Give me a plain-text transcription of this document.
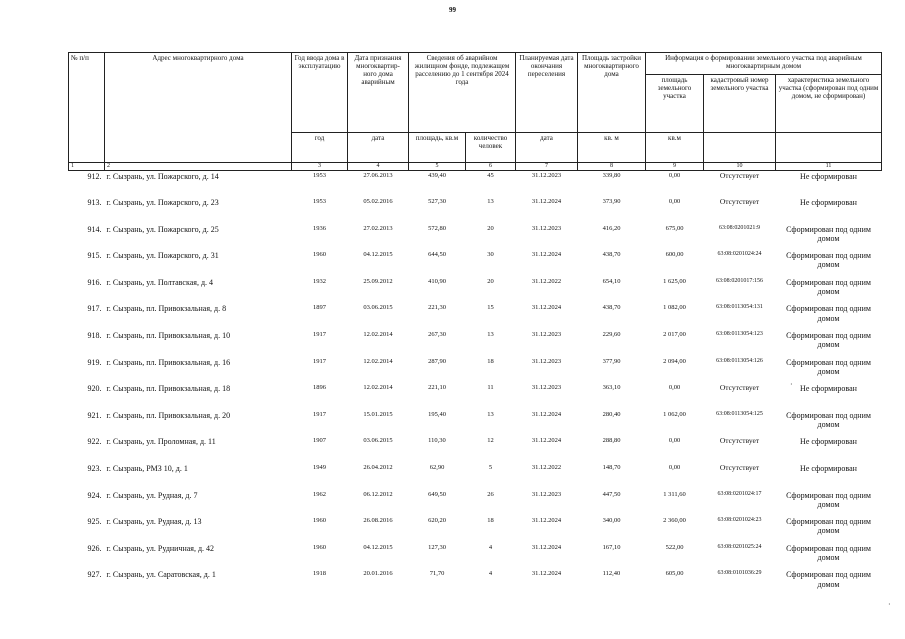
99
№ п/п	Адрес многоквартирного дома	Год ввода дома в эксплуатацию	Дата признания многоквартир-ного дома аварийным	Сведения об аварийном жилищном фонде, подлежащем расселению до 1 сентября 2024 года		Планируемая дата окончания переселения	Площадь застройки многоквартирного дома	Информация о формировании земельного участка под аварийным многоквартирным домом		
								площадь земельного участка	кадастровый номер земельного участка	характеристика земельного участка (сформирован под одним домом, не сформирован)
		год	дата	площадь, кв.м	количество человек	дата	кв. м	кв.м		
1	2	3	4	5	6	7	8	9	10	11
912.	г. Сызрань, ул. Пожарского, д. 14	1953	27.06.2013	439,40	45	31.12.2023	339,80	0,00	Отсутствует	Не сформирован
913.	г. Сызрань, ул. Пожарского, д. 23	1953	05.02.2016	527,30	13	31.12.2024	373,90	0,00	Отсутствует	Не сформирован
914.	г. Сызрань, ул. Пожарского, д. 25	1936	27.02.2013	572,80	20	31.12.2023	416,20	675,00	63:08:0201021:9	Сформирован под одним домом
915.	г. Сызрань, ул. Пожарского, д. 31	1960	04.12.2015	644,50	30	31.12.2024	438,70	600,00	63:08:0201024:24	Сформирован под одним домом
916.	г. Сызрань, ул. Полтавская, д. 4	1932	25.09.2012	410,90	20	31.12.2022	654,10	1 625,00	63:08:0201017:156	Сформирован под одним домом
917.	г. Сызрань, пл. Привокзальная, д. 8	1897	03.06.2015	221,30	15	31.12.2024	438,70	1 082,00	63:08:0113054:131	Сформирован под одним домом
918.	г. Сызрань, пл. Привокзальная, д. 10	1917	12.02.2014	267,30	13	31.12.2023	229,60	2 017,00	63:08:0113054:123	Сформирован под одним домом
919.	г. Сызрань, пл. Привокзальная, д. 16	1917	12.02.2014	287,90	18	31.12.2023	377,90	2 094,00	63:08:0113054:126	Сформирован под одним домом
920.	г. Сызрань, пл. Привокзальная, д. 18	1896	12.02.2014	221,10	11	31.12.2023	363,10	0,00	Отсутствует	Не сформирован
921.	г. Сызрань, пл. Привокзальная, д. 20	1917	15.01.2015	195,40	13	31.12.2024	280,40	1 062,00	63:08:0113054:125	Сформирован под одним домом
922.	г. Сызрань, ул. Проломная, д. 11	1907	03.06.2015	110,30	12	31.12.2024	288,80	0,00	Отсутствует	Не сформирован
923.	г. Сызрань, РМЗ 10, д. 1	1949	26.04.2012	62,90	5	31.12.2022	148,70	0,00	Отсутствует	Не сформирован
924.	г. Сызрань, ул. Рудная, д. 7	1962	06.12.2012	649,50	26	31.12.2023	447,50	1 311,60	63:08:0201024:17	Сформирован под одним домом
925.	г. Сызрань, ул. Рудная, д. 13	1960	26.08.2016	620,20	18	31.12.2024	340,00	2 360,00	63:08:0201024:23	Сформирован под одним домом
926.	г. Сызрань, ул. Рудничная, д. 42	1960	04.12.2015	127,30	4	31.12.2024	167,10	522,00	63:08:0201025:24	Сформирован под одним домом
927.	г. Сызрань, ул. Саратовская, д. 1	1918	20.01.2016	71,70	4	31.12.2024	112,40	605,00	63:08:0101036:29	Сформирован под одним домом
·
·
